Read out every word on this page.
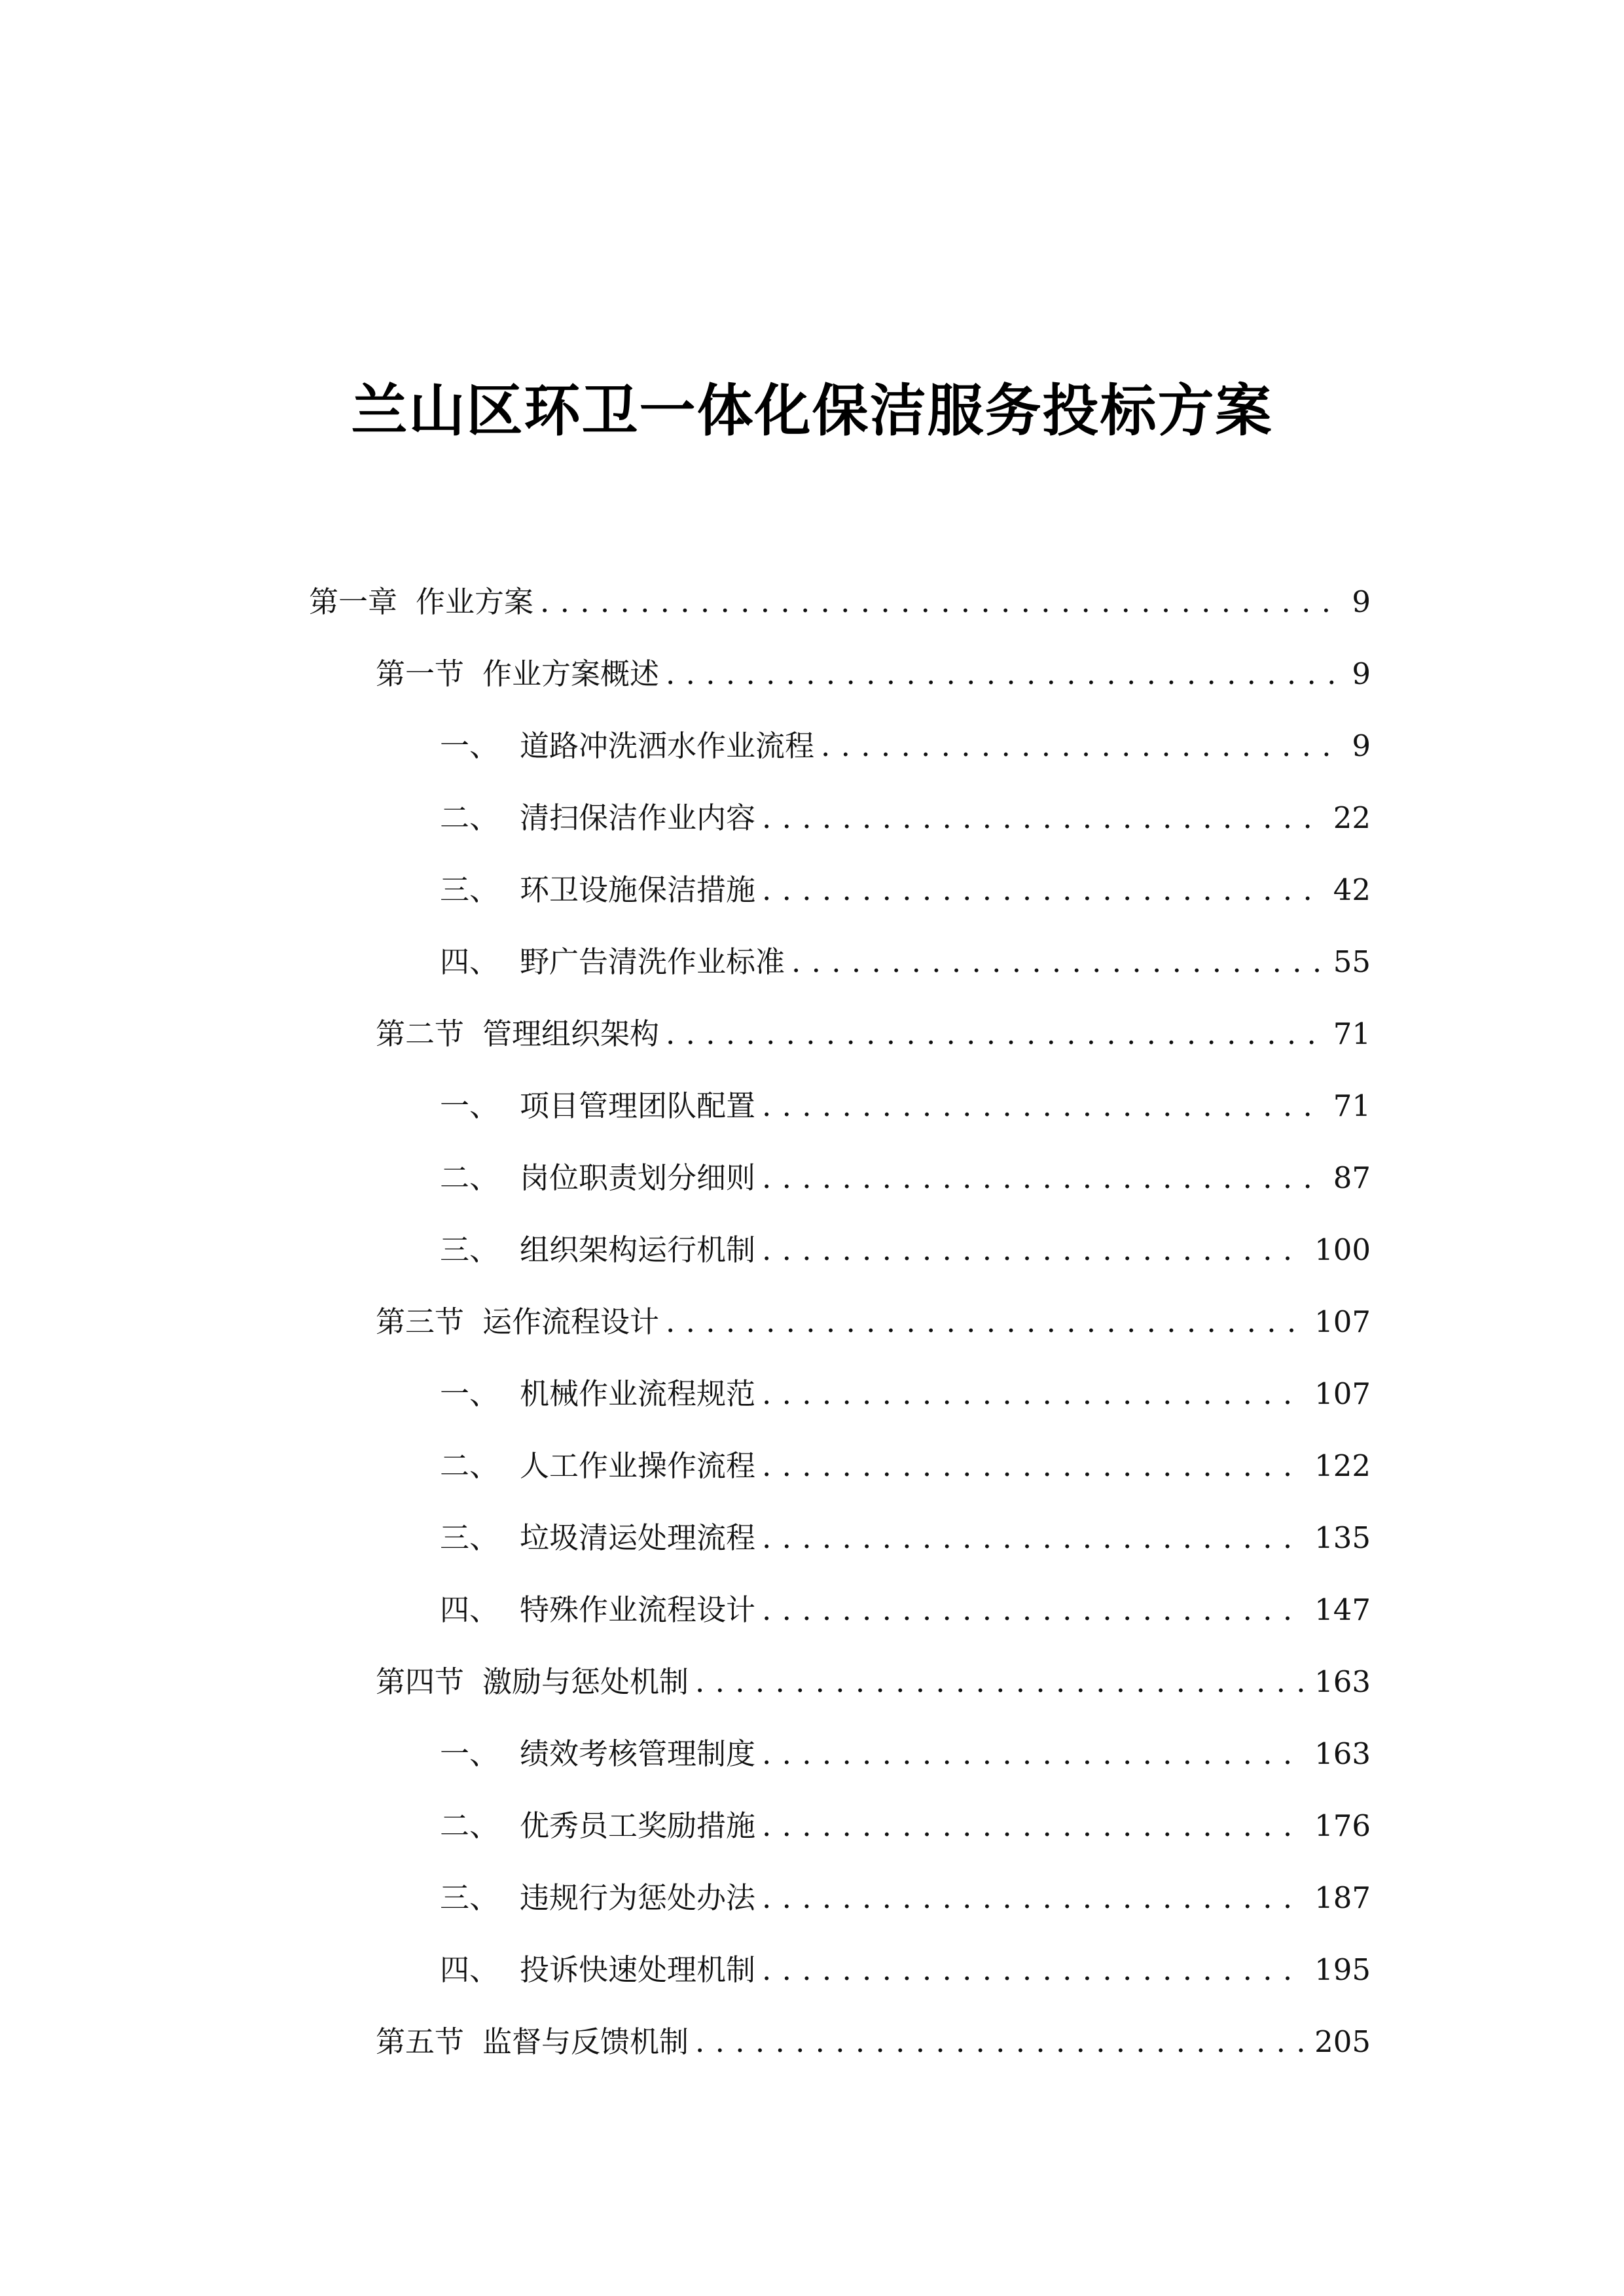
兰山区环卫一体化保洁服务投标方案
第一章 作业方案 . . .	9
第一节 作业方案概述 . . .	9
一、 道路冲洗洒水作业流程 . . .	9
二、 清扫保洁作业内容 . . .	22
三、 环卫设施保洁措施 . . .	42
四、 野广告清洗作业标准 . . .	55
第二节 管理组织架构 . . .	71
一、 项目管理团队配置 . . .	71
二、 岗位职责划分细则 . . .	87
三、 组织架构运行机制 . . .	100
第三节 运作流程设计 . . .	107
一、 机械作业流程规范 . . .	107
二、 人工作业操作流程 . . .	122
三、 垃圾清运处理流程 . . .	135
四、 特殊作业流程设计 . . .	147
第四节 激励与惩处机制 . . .	163
一、 绩效考核管理制度 . . .	163
二、 优秀员工奖励措施 . . .	176
三、 违规行为惩处办法 . . .	187
四、 投诉快速处理机制 . . .	195
第五节 监督与反馈机制 . . .	205
